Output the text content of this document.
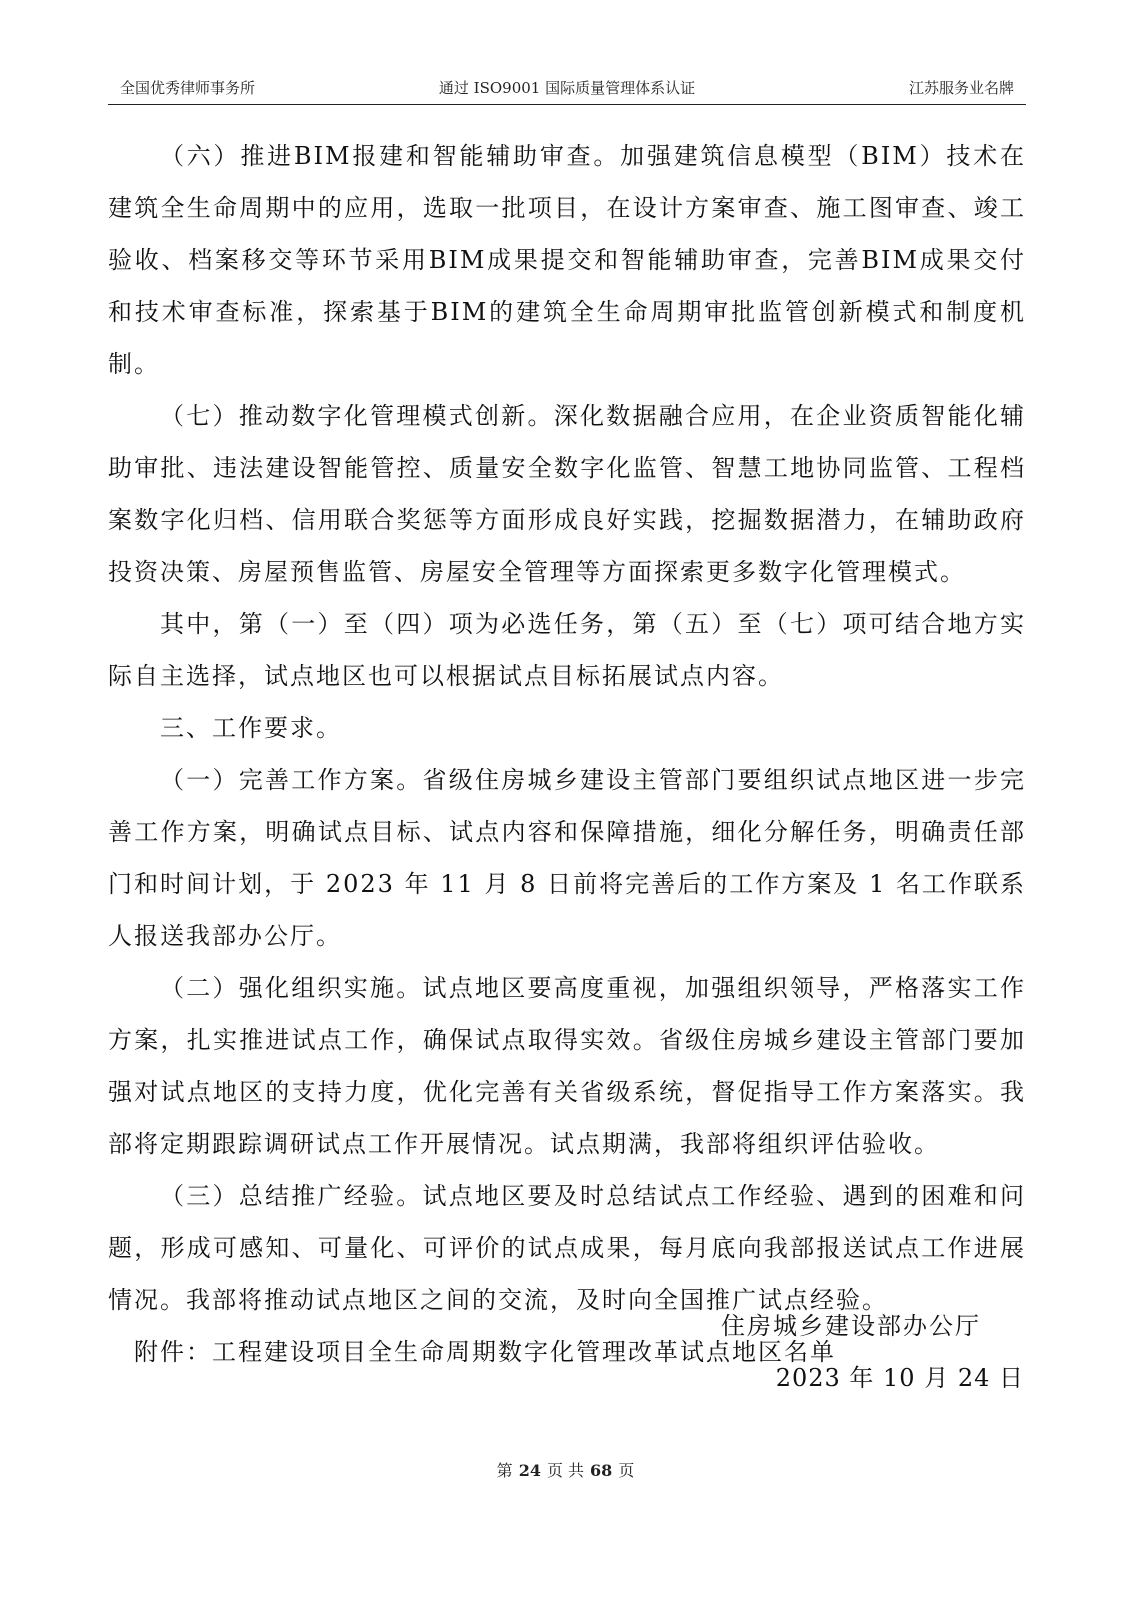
全国优秀律师事务所	通过 ISO9001 国际质量管理体系认证	江苏服务业名牌

（六）推进BIM报建和智能辅助审查。加强建筑信息模型（BIM）技术在建筑全生命周期中的应用，选取一批项目，在设计方案审查、施工图审查、竣工验收、档案移交等环节采用BIM成果提交和智能辅助审查，完善BIM成果交付和技术审查标准，探索基于BIM的建筑全生命周期审批监管创新模式和制度机制。

（七）推动数字化管理模式创新。深化数据融合应用，在企业资质智能化辅助审批、违法建设智能管控、质量安全数字化监管、智慧工地协同监管、工程档案数字化归档、信用联合奖惩等方面形成良好实践，挖掘数据潜力，在辅助政府投资决策、房屋预售监管、房屋安全管理等方面探索更多数字化管理模式。

其中，第（一）至（四）项为必选任务，第（五）至（七）项可结合地方实际自主选择，试点地区也可以根据试点目标拓展试点内容。

三、工作要求。

（一）完善工作方案。省级住房城乡建设主管部门要组织试点地区进一步完善工作方案，明确试点目标、试点内容和保障措施，细化分解任务，明确责任部门和时间计划，于 2023 年 11 月 8 日前将完善后的工作方案及 1 名工作联系人报送我部办公厅。

（二）强化组织实施。试点地区要高度重视，加强组织领导，严格落实工作方案，扎实推进试点工作，确保试点取得实效。省级住房城乡建设主管部门要加强对试点地区的支持力度，优化完善有关省级系统，督促指导工作方案落实。我部将定期跟踪调研试点工作开展情况。试点期满，我部将组织评估验收。

（三）总结推广经验。试点地区要及时总结试点工作经验、遇到的困难和问题，形成可感知、可量化、可评价的试点成果，每月底向我部报送试点工作进展情况。我部将推动试点地区之间的交流，及时向全国推广试点经验。

附件：工程建设项目全生命周期数字化管理改革试点地区名单

住房城乡建设部办公厅
2023 年 10 月 24 日
第 24 页 共 68 页
